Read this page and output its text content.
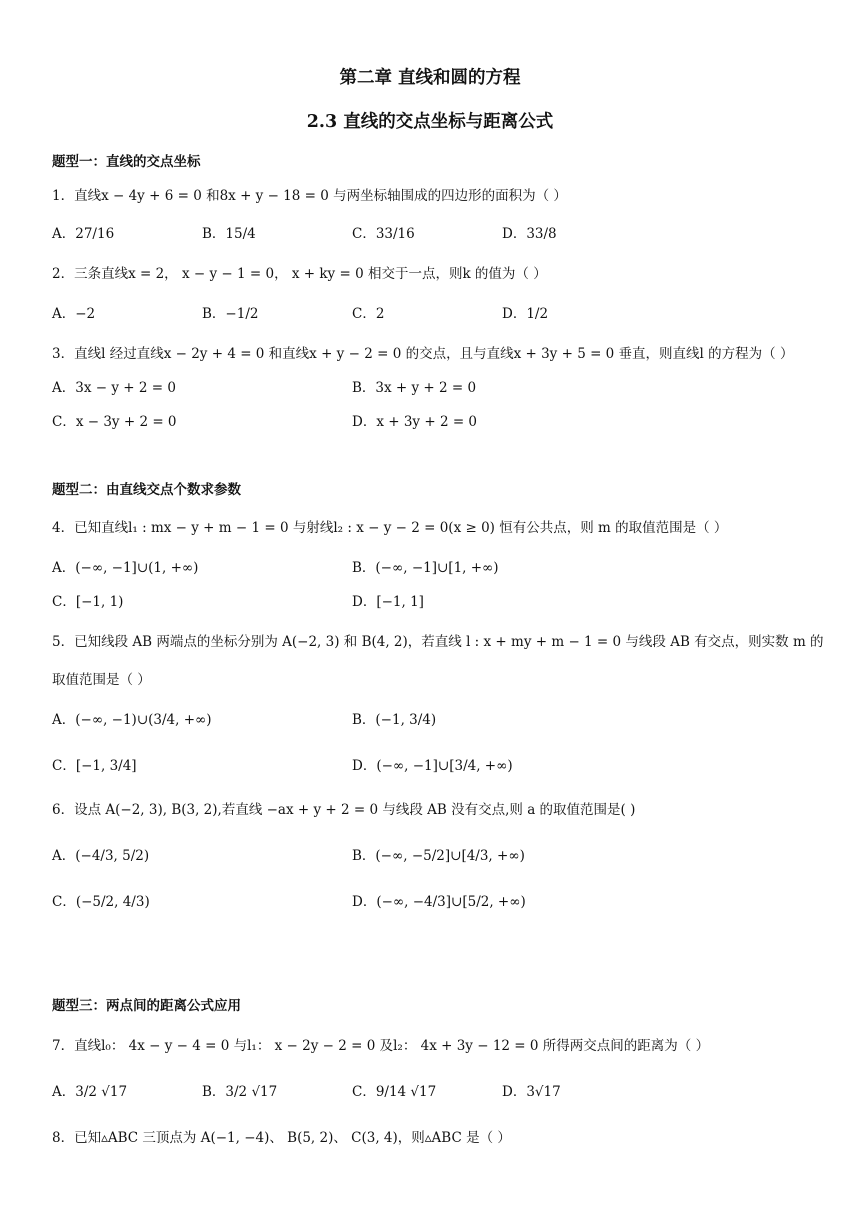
第二章 直线和圆的方程
2.3 直线的交点坐标与距离公式
题型一：直线的交点坐标
1．直线x − 4y + 6 = 0 和8x + y − 18 = 0 与两坐标轴围成的四边形的面积为（ ）
A．27/16	B．15/4	C．33/16	D．33/8
2．三条直线x = 2， x − y − 1 = 0， x + ky = 0 相交于一点，则k 的值为（ ）
A．−2	B．−1/2	C．2	D．1/2
3．直线l 经过直线x − 2y + 4 = 0 和直线x + y − 2 = 0 的交点，且与直线x + 3y + 5 = 0 垂直，则直线l 的方程为（ ）
A．3x − y + 2 = 0	B．3x + y + 2 = 0
C．x − 3y + 2 = 0	D．x + 3y + 2 = 0
题型二：由直线交点个数求参数
4．已知直线l₁ : mx − y + m − 1 = 0 与射线l₂ : x − y − 2 = 0(x ≥ 0) 恒有公共点，则 m 的取值范围是（ ）
A．(−∞, −1]∪(1, +∞)	B．(−∞, −1]∪[1, +∞)
C．[−1, 1)	D．[−1, 1]
5．已知线段 AB 两端点的坐标分别为 A(−2, 3) 和 B(4, 2)，若直线 l : x + my + m − 1 = 0 与线段 AB 有交点，则实数 m 的
取值范围是（ ）
A．(−∞, −1)∪(3/4, +∞)	B．(−1, 3/4)
C．[−1, 3/4]	D．(−∞, −1]∪[3/4, +∞)
6．设点 A(−2, 3), B(3, 2),若直线 −ax + y + 2 = 0 与线段 AB 没有交点,则 a 的取值范围是( )
A．(−4/3, 5/2)	B．(−∞, −5/2]∪[4/3, +∞)
C．(−5/2, 4/3)	D．(−∞, −4/3]∪[5/2, +∞)
题型三：两点间的距离公式应用
7．直线l₀： 4x − y − 4 = 0 与l₁： x − 2y − 2 = 0 及l₂： 4x + 3y − 12 = 0 所得两交点间的距离为（ ）
A．3/2 √17	B．3/2 √17	C．9/14 √17	D．3√17
8．已知▵ABC 三顶点为 A(−1, −4)、 B(5, 2)、 C(3, 4)，则▵ABC 是（ ）
